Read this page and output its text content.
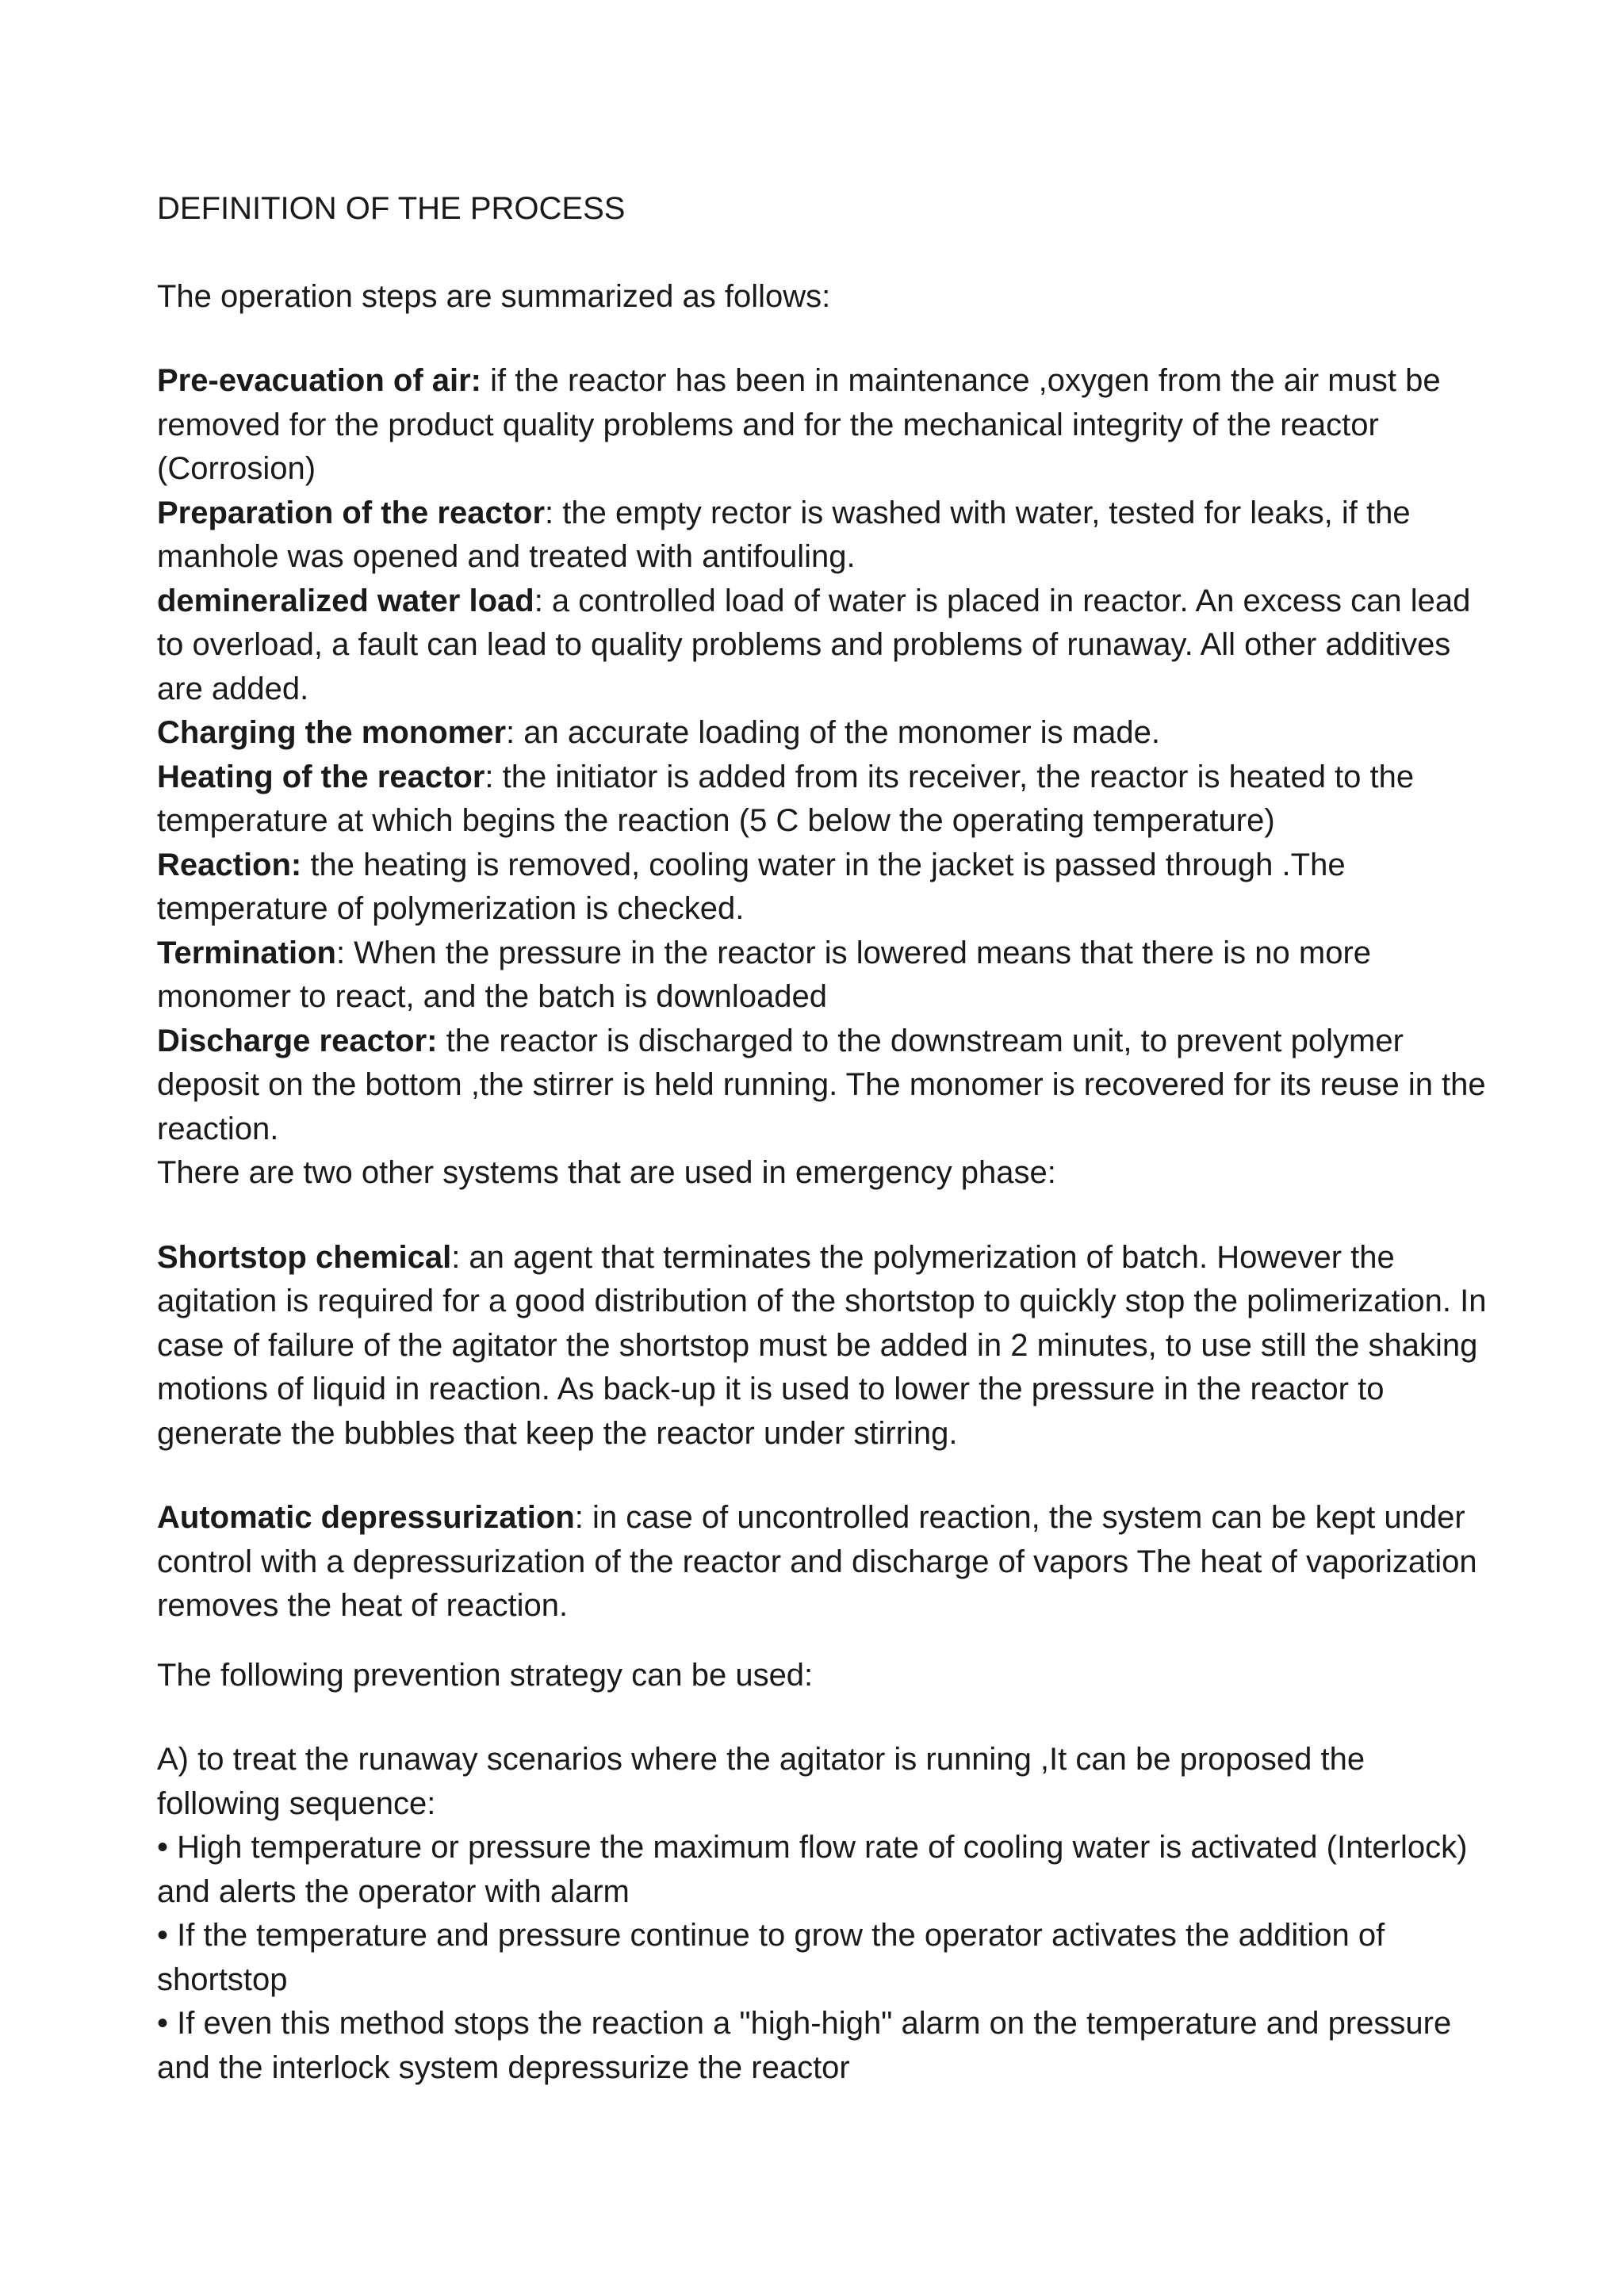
DEFINITION OF THE PROCESS

The operation steps are summarized as follows:

Pre-evacuation of air: if the reactor has been in maintenance ,oxygen from the air must be removed for the product quality problems and for the mechanical integrity of the reactor (Corrosion)

Preparation of the reactor: the empty rector is washed with water, tested for leaks, if the manhole was opened and treated with antifouling.

demineralized water load: a controlled load of water is placed in reactor. An excess can lead to overload, a fault can lead to quality problems and problems of runaway. All other additives are added.

Charging the monomer: an accurate loading of the monomer is made.

Heating of the reactor: the initiator is added from its receiver, the reactor is heated to the temperature at which begins the reaction (5 C below the operating temperature)

Reaction: the heating is removed, cooling water in the jacket is passed through .The temperature of polymerization is checked.

Termination: When the pressure in the reactor is lowered means that there is no more monomer to react, and the batch is downloaded

Discharge reactor: the reactor is discharged to the downstream unit, to prevent polymer deposit on the bottom ,the stirrer is held running. The monomer is recovered for its reuse in the reaction.

There are two other systems that are used in emergency phase:

Shortstop chemical: an agent that terminates the polymerization of batch. However the agitation is required for a good distribution of the shortstop to quickly stop the polimerization. In case of failure of the agitator the shortstop must be added in 2 minutes, to use still the shaking motions of liquid in reaction. As back-up it is used to lower the pressure in the reactor to generate the bubbles that keep the reactor under stirring.

Automatic depressurization: in case of uncontrolled reaction, the system can be kept under control with a depressurization of the reactor and discharge of vapors The heat of vaporization removes the heat of reaction.

The following prevention strategy can be used:

A) to treat the runaway scenarios where the agitator is running ,It can be proposed the following sequence:

• High temperature or pressure the maximum flow rate of cooling water is activated (Interlock) and alerts the operator with alarm
• If the temperature and pressure continue to grow the operator activates the addition of shortstop
• If even this method stops the reaction a "high-high" alarm on the temperature and pressure and the interlock system depressurize the reactor
